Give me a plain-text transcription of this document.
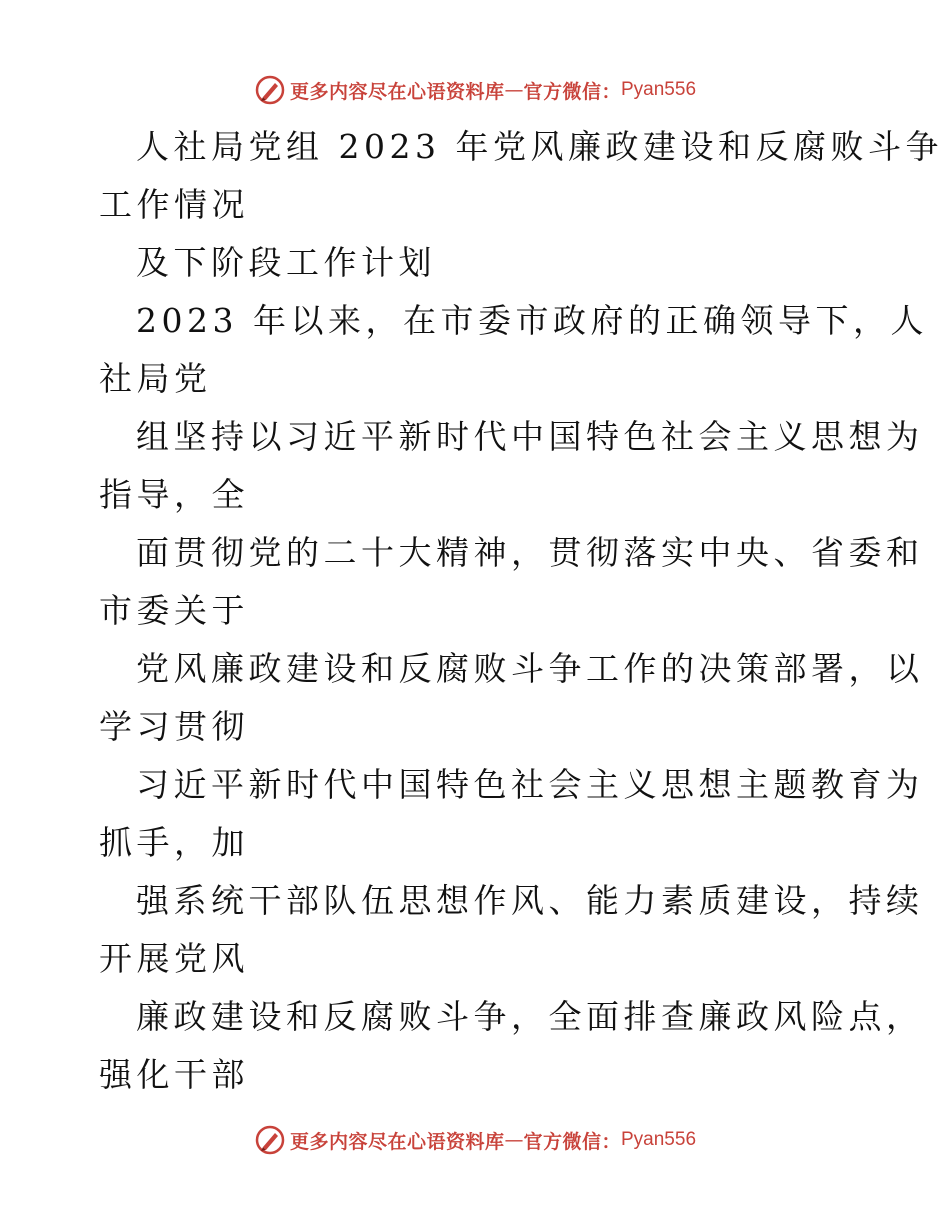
更多内容尽在心语资料库 — 官方微信： Pyan556
人社局党组 2023 年党风廉政建设和反腐败斗争
工作情况
及下阶段工作计划
2023 年以来，在市委市政府的正确领导下，人
社局党
组坚持以习近平新时代中国特色社会主义思想为
指导，全
面贯彻党的二十大精神，贯彻落实中央、省委和
市委关于
党风廉政建设和反腐败斗争工作的决策部署，以
学习贯彻
习近平新时代中国特色社会主义思想主题教育为
抓手，加
强系统干部队伍思想作风、能力素质建设，持续
开展党风
廉政建设和反腐败斗争，全面排查廉政风险点，
强化干部
更多内容尽在心语资料库 — 官方微信： Pyan556
